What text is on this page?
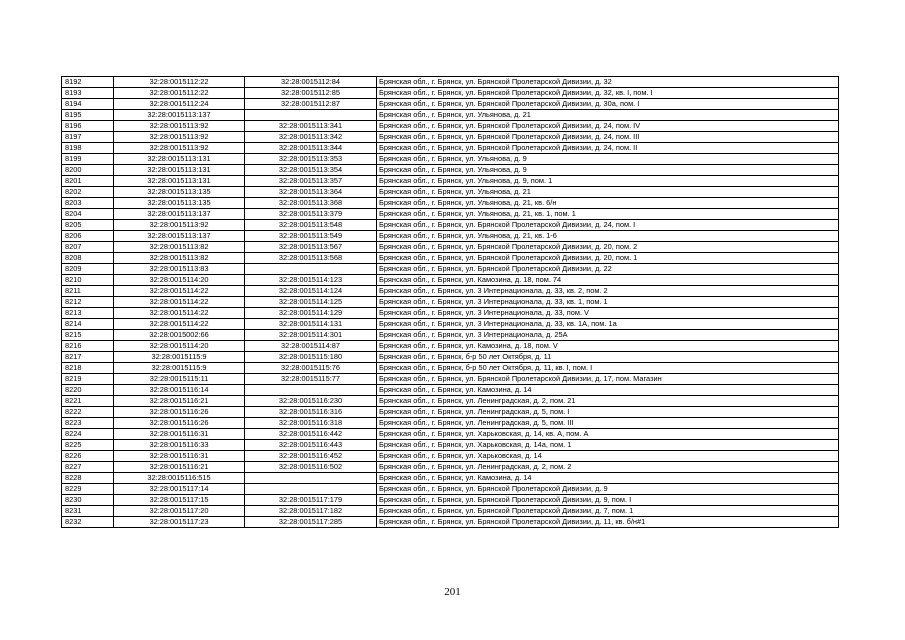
8192	32:28:0015112:22	32:28:0015112:84	Брянская обл., г. Брянск, ул. Брянской Пролетарской Дивизии, д. 32
8193	32:28:0015112:22	32:28:0015112:85	Брянская обл., г. Брянск, ул. Брянской Пролетарской Дивизии, д. 32, кв. I, пом. I
8194	32:28:0015112:24	32:28:0015112:87	Брянская обл., г. Брянск, ул. Брянской Пролетарской Дивизии, д. 30а, пом. I
8195	32:28:0015113:137		Брянская обл., г. Брянск, ул. Ульянова, д. 21
8196	32:28:0015113:92	32:28:0015113:341	Брянская обл., г. Брянск, ул. Брянской Пролетарской Дивизии, д. 24, пом. IV
8197	32:28:0015113:92	32:28:0015113:342	Брянская обл., г. Брянск, ул. Брянской Пролетарской Дивизии, д. 24, пом. III
8198	32:28:0015113:92	32:28:0015113:344	Брянская обл., г. Брянск, ул. Брянской Пролетарской Дивизии, д. 24, пом. II
8199	32:28:0015113:131	32:28:0015113:353	Брянская обл., г. Брянск, ул. Ульянова, д. 9
8200	32:28:0015113:131	32:28:0015113:354	Брянская обл., г. Брянск, ул. Ульянова, д. 9
8201	32:28:0015113:131	32:28:0015113:357	Брянская обл., г. Брянск, ул. Ульянова, д. 9, пом. 1
8202	32:28:0015113:135	32:28:0015113:364	Брянская обл., г. Брянск, ул. Ульянова, д. 21
8203	32:28:0015113:135	32:28:0015113:368	Брянская обл., г. Брянск, ул. Ульянова, д. 21, кв. 6/н
8204	32:28:0015113:137	32:28:0015113:379	Брянская обл., г. Брянск, ул. Ульянова, д. 21, кв. 1, пом. 1
8205	32:28:0015113:92	32:28:0015113:548	Брянская обл., г. Брянск, ул. Брянской Пролетарской Дивизии, д. 24, пом. I
8206	32:28:0015113:137	32:28:0015113:549	Брянская обл., г. Брянск, ул. Ульянова, д. 21, кв. 1-6
8207	32:28:0015113:82	32:28:0015113:567	Брянская обл., г. Брянск, ул. Брянской Пролетарской Дивизии, д. 20, пом. 2
8208	32:28:0015113:82	32:28:0015113:568	Брянская обл., г. Брянск, ул. Брянской Пролетарской Дивизии, д. 20, пом. 1
8209	32:28:0015113:83		Брянская обл., г. Брянск, ул. Брянской Пролетарской Дивизии, д. 22
8210	32:28:0015114:20	32:28:0015114:123	Брянская обл., г. Брянск, ул. Камозина, д. 18, пом. 74
8211	32:28:0015114:22	32:28:0015114:124	Брянская обл., г. Брянск, ул. 3 Интернационала, д. 33, кв. 2, пом. 2
8212	32:28:0015114:22	32:28:0015114:125	Брянская обл., г. Брянск, ул. 3 Интернационала, д. 33, кв. 1, пом. 1
8213	32:28:0015114:22	32:28:0015114:129	Брянская обл., г. Брянск, ул. 3 Интернационала, д. 33, пом. V
8214	32:28:0015114:22	32:28:0015114:131	Брянская обл., г. Брянск, ул. 3 Интернационала, д. 33, кв. 1А, пом. 1а
8215	32:28:0015002:66	32:28:0015114:301	Брянская обл., г. Брянск, ул. 3 Интернационала, д. 25А
8216	32:28:0015114:20	32:28:0015114:87	Брянская обл., г. Брянск, ул. Камозина, д. 18, пом. V
8217	32:28:0015115:9	32:28:0015115:180	Брянская обл., г. Брянск, б-р 50 лет Октября, д. 11
8218	32:28:0015115:9	32:28:0015115:76	Брянская обл., г. Брянск, б-р 50 лет Октября, д. 11, кв. I, пом. I
8219	32:28:0015115:11	32:28:0015115:77	Брянская обл., г. Брянск, ул. Брянской Пролетарской Дивизии, д. 17, пом. Магазин
8220	32:28:0015116:14		Брянская обл., г. Брянск, ул. Камозина, д. 14
8221	32:28:0015116:21	32:28:0015116:230	Брянская обл., г. Брянск, ул. Ленинградская, д. 2, пом. 21
8222	32:28:0015116:26	32:28:0015116:316	Брянская обл., г. Брянск, ул. Ленинградская, д. 5, пом. I
8223	32:28:0015116:26	32:28:0015116:318	Брянская обл., г. Брянск, ул. Ленинградская, д. 5, пом. III
8224	32:28:0015116:31	32:28:0015116:442	Брянская обл., г. Брянск, ул. Харьковская, д. 14, кв. А, пом. А
8225	32:28:0015116:33	32:28:0015116:443	Брянская обл., г. Брянск, ул. Харьковская, д. 14а, пом. 1
8226	32:28:0015116:31	32:28:0015116:452	Брянская обл., г. Брянск, ул. Харьковская, д. 14
8227	32:28:0015116:21	32:28:0015116:502	Брянская обл., г. Брянск, ул. Ленинградская, д. 2, пом. 2
8228	32:28:0015116:515		Брянская обл., г. Брянск, ул. Камозина, д. 14
8229	32:28:0015117:14		Брянская обл., г. Брянск, ул. Брянской Пролетарской Дивизии, д. 9
8230	32:28:0015117:15	32:28:0015117:179	Брянская обл., г. Брянск, ул. Брянской Пролетарской Дивизии, д. 9, пом. I
8231	32:28:0015117:20	32:28:0015117:182	Брянская обл., г. Брянск, ул. Брянской Пролетарской Дивизии, д. 7, пом. 1
8232	32:28:0015117:23	32:28:0015117:285	Брянская обл., г. Брянск, ул. Брянской Пролетарской Дивизии, д. 11, кв. б/н#1
201
